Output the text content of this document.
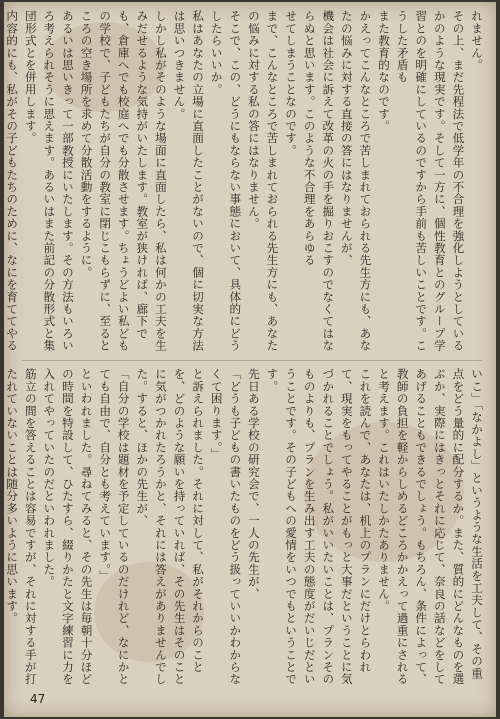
れません。

その上、まだ先程法で低学年の不合理を強化しようとしているかのような現実です。そして一方に、個性教育とのグループ学習とのを明確にしているのですから手前も苦しいことです。こうした矛盾も

また教育的なのです。

かえってこんなところで苦しまれておられる先生方にも、あなたの悩みに対する直接の答にはなりませんが、

機会は社会に訴えて改革の火の手を掘りおこすのでなくてはならぬと思います。このような不合理をあらゆる

せてしまうことなのです。

まで、こんなところで苦しまれておられる先生方にも、あなたの悩みに対する私の答にはなりません。

そこで、この、どうにもならない事態において、具体的にどうしたらいいか。

私はあなたの立場に直面したことがないので、個に切実な方法は思いつきません。

しかし私がそのような場面に直面したら、私は何かの工夫を生みだせるような気持がいたします。教室が狭ければ、廊下でも、倉庫へでも校庭へでも分散させます。ちょうどよい私どもの学校で、子どもたちが自分の教室に閉じこもらずに、至るところの空き場所を求めて分散活動をするように。

あるいは思いきって一部教授にいたします。その方法もいろいろ考えられそうに思えます。あるいはまた前記の分散形式と集団形式とを併用します。

内容的にも、私がその子どもたちのために、なにを育ててやる

いこ」「なかよし」というような生活を工夫して、その重点をどう量的に配分するか。また、質的にどんなものを選ぶか、実際にはきっとそれに応じて、奈良の話などをしてあげることもできるでしょう。もちろん、条件によって、教師の負担を軽からしめるどころかかえって過重にされると考えます。これはいたしかたありません。

これを読んで、あなたは、机上のプランにだけとらわれて、現実をもってやることがもっと大事だということに気づかれることでしょう。私がいいたいことは、プランそのものよりも、プランを生み出す工夫の態度がだいじだということです。その子どもへの愛情をいつでもということです。

先日ある学校の研究会で、一人の先生が、

「どうも子どもの書いたものをどう扱っていいかわからなくて困ります。」

と訴えられました。それに対して、私がそれからのことを、どのような願いを持っていれば、その先生はそのことに気がつかれたろうかと、それには答えがありませんでした。すると、ほかの先生が、

「自分の学校は題材を予定しているのだけれど、なにかとても自由で、自分とも考えています。」

といわれました。尋ねてみると、その先生は毎朝十分ほどの時間を特設して、ひたすら、綴りかたと文字練習に力を入れてやっていたのだといわれました。

筋立の間を答えることは容易ですが、それに対する手が打たれていないことは随分多いように思います。

47
